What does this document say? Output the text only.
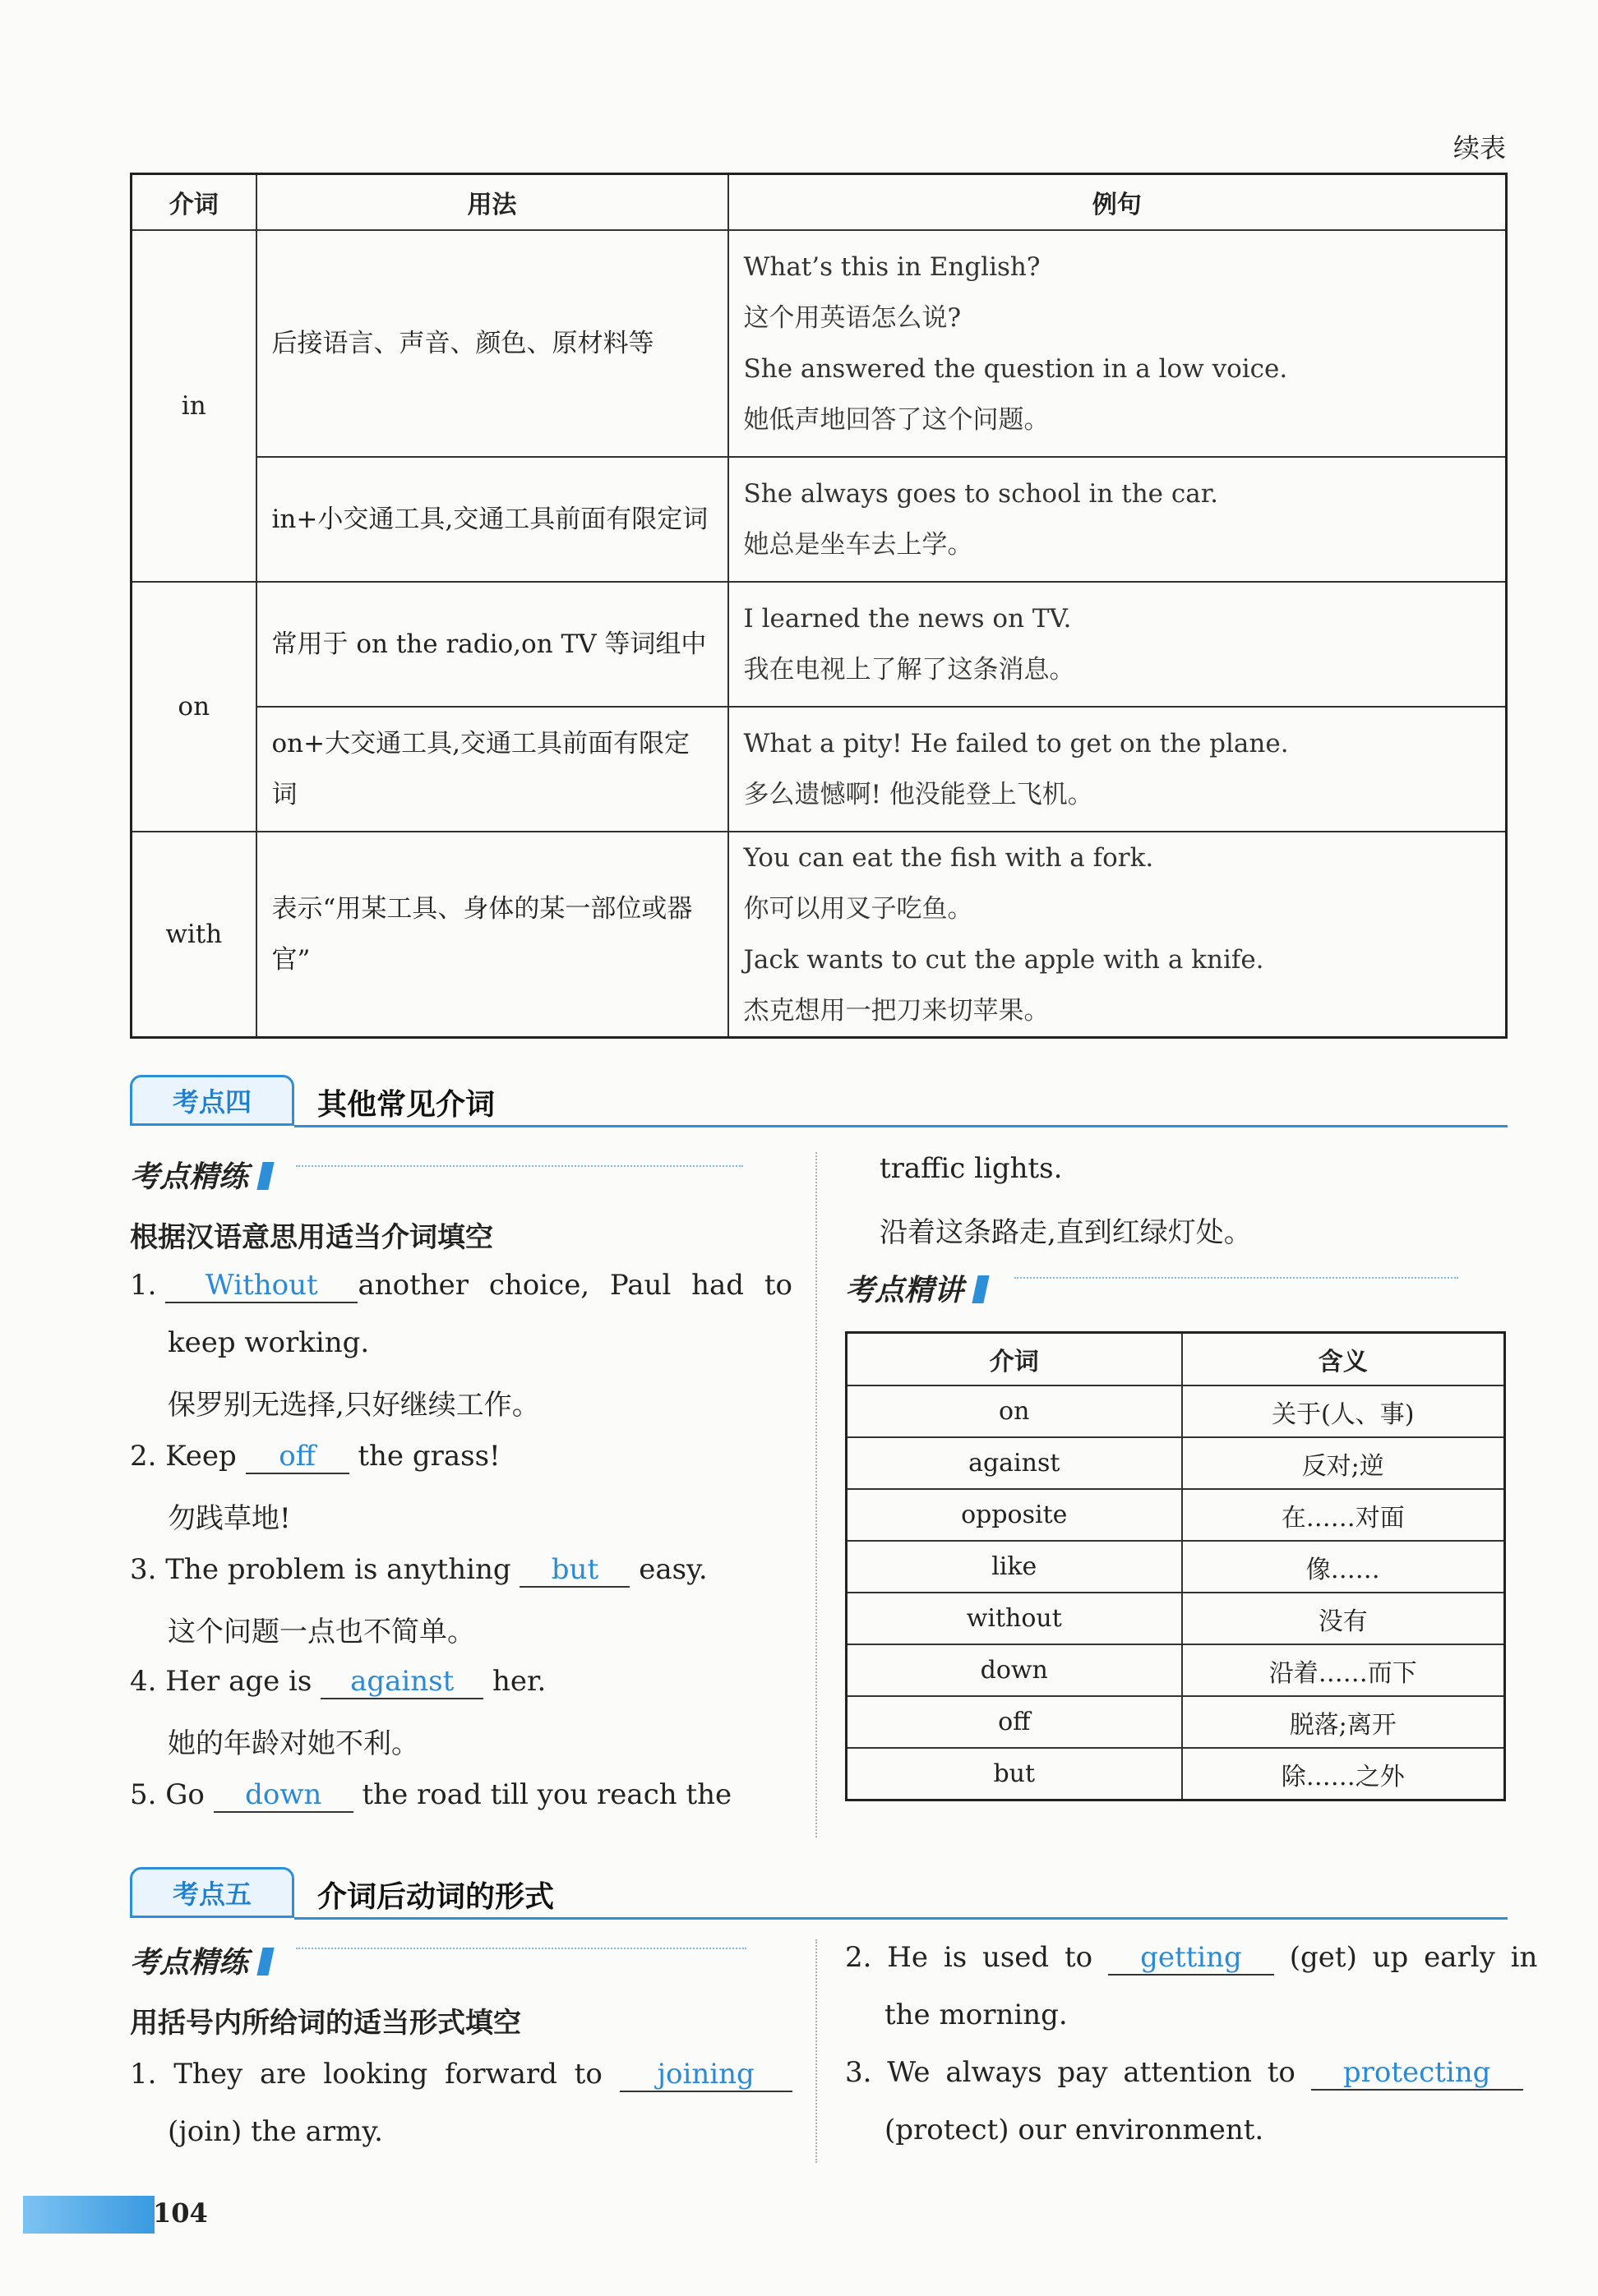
续表
介词	用法	例句
in	后接语言、声音、颜色、原材料等	What’s this in English?
这个用英语怎么说?
She answered the question in a low voice.
她低声地回答了这个问题。

	in+小交通工具,交通工具前面有限定词	She always goes to school in the car.
她总是坐车去上学。

on	常用于 on the radio,on TV 等词组中	I learned the news on TV.
我在电视上了解了这条消息。

	on+大交通工具,交通工具前面有限定词	What a pity! He failed to get on the plane.
多么遗憾啊! 他没能登上飞机。

with	表示“用某工具、身体的某一部位或器官”	You can eat the fish with a fork.
你可以用叉子吃鱼。
Jack wants to cut the apple with a knife.
杰克想用一把刀来切苹果。
考点四	其他常见介词
考点精练
根据汉语意思用适当介词填空
1. Without	another choice, Paul had to
keep working.
保罗别无选择,只好继续工作。
2. Keep off the grass!
勿践草地!
3. The problem is anything but easy.
这个问题一点也不简单。
4. Her age is against her.
她的年龄对她不利。
5. Go down the road till you reach the
traffic lights.
沿着这条路走,直到红绿灯处。
考点精讲
介词	含义
on	关于(人、事)
against	反对;逆
opposite	在……对面
like	像……
without	没有
down	沿着……而下
off	脱落;离开
but	除……之外
考点五	介词后动词的形式
考点精练
用括号内所给词的适当形式填空
1. They are looking forward to joining
(join) the army.
2. He is used to getting (get) up early in
the morning.
3. We always pay attention to protecting
(protect) our environment.
104
